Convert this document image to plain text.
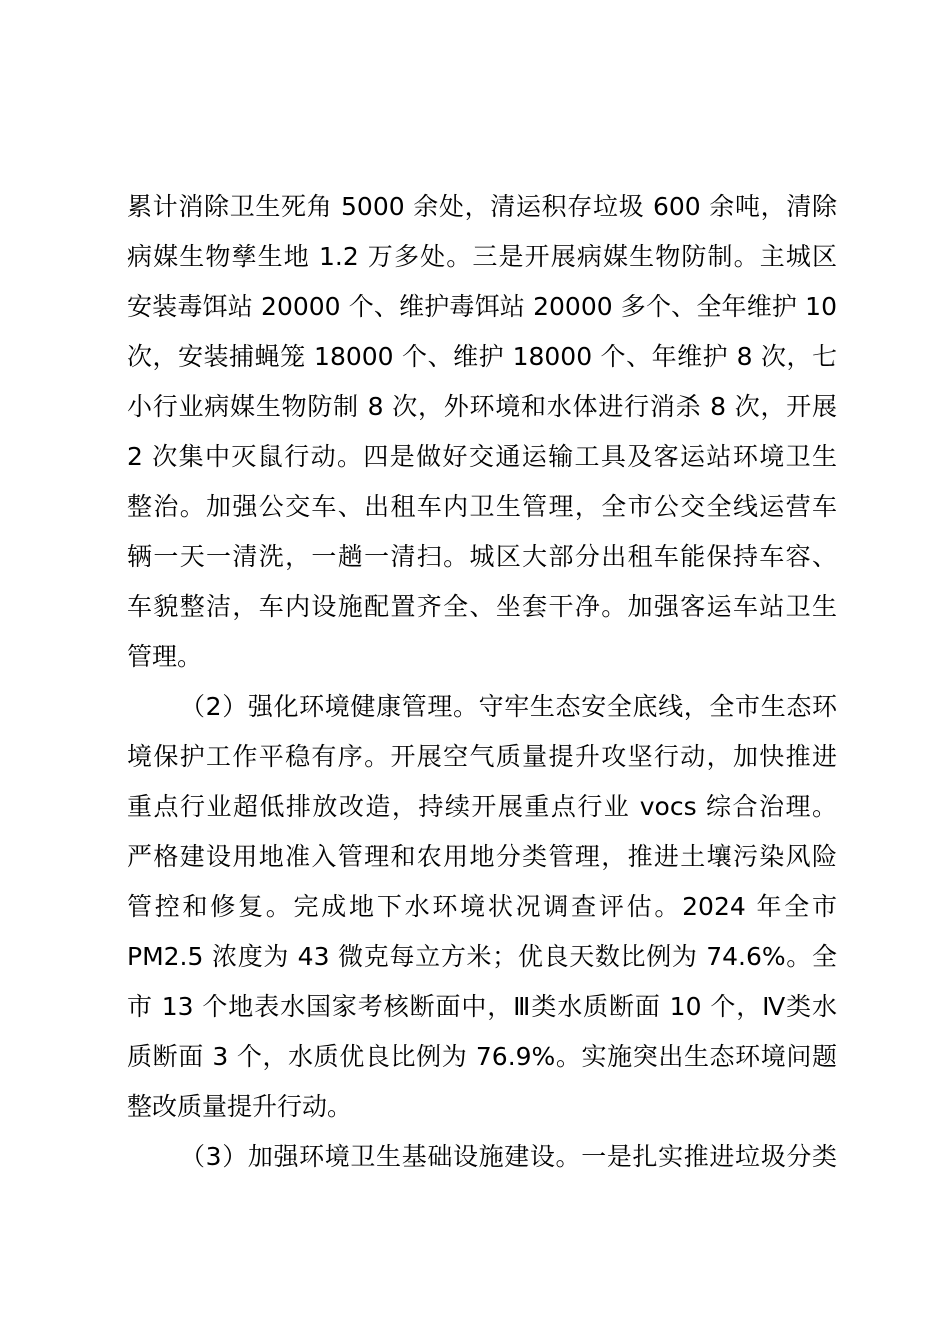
累计消除卫生死角 5000 余处，清运积存垃圾 600 余吨，清除
病媒生物孳生地 1.2 万多处。三是开展病媒生物防制。主城区
安装毒饵站 20000 个、维护毒饵站 20000 多个、全年维护 10
次，安装捕蝇笼 18000 个、维护 18000 个、年维护 8 次，七
小行业病媒生物防制 8 次，外环境和水体进行消杀 8 次，开展
2 次集中灭鼠行动。四是做好交通运输工具及客运站环境卫生
整治。加强公交车、出租车内卫生管理，全市公交全线运营车
辆一天一清洗，一趟一清扫。城区大部分出租车能保持车容、
车貌整洁，车内设施配置齐全、坐套干净。加强客运车站卫生
管理。
（2）强化环境健康管理。守牢生态安全底线，全市生态环
境保护工作平稳有序。开展空气质量提升攻坚行动，加快推进
重点行业超低排放改造，持续开展重点行业 vocs 综合治理。
严格建设用地准入管理和农用地分类管理，推进土壤污染风险
管控和修复。完成地下水环境状况调查评估。2024 年全市
PM2.5 浓度为 43 微克每立方米；优良天数比例为 74.6%。全
市 13 个地表水国家考核断面中，Ⅲ类水质断面 10 个，Ⅳ类水
质断面 3 个，水质优良比例为 76.9%。实施突出生态环境问题
整改质量提升行动。
（3）加强环境卫生基础设施建设。一是扎实推进垃圾分类
